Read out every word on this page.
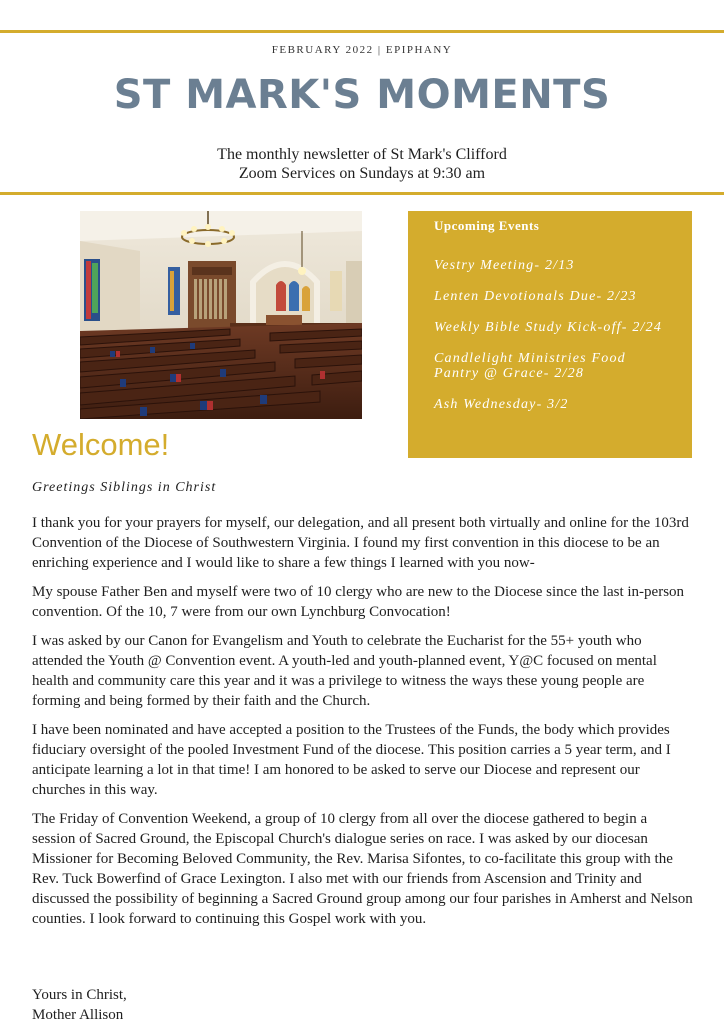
FEBRUARY 2022 | EPIPHANY
ST MARK'S MOMENTS
The monthly newsletter of St Mark's Clifford
Zoom Services on Sundays at 9:30 am
Upcoming Events
Vestry Meeting- 2/13
Lenten Devotionals Due- 2/23
Weekly Bible Study Kick-off- 2/24
Candlelight Ministries Food Pantry @ Grace- 2/28
Ash Wednesday- 3/2
Welcome!
Greetings Siblings in Christ

I thank you for your prayers for myself, our delegation, and all present both virtually and online for the 103rd Convention of the Diocese of Southwestern Virginia. I found my first convention in this diocese to be an enriching experience and I would like to share a few things I learned with you now-

My spouse Father Ben and myself were two of 10 clergy who are new to the Diocese since the last in-person convention. Of the 10, 7 were from our own Lynchburg Convocation!

I was asked by our Canon for Evangelism and Youth to celebrate the Eucharist for the 55+ youth who attended the Youth @ Convention event. A youth-led and youth-planned event, Y@C focused on mental health and community care this year and it was a privilege to witness the ways these young people are forming and being formed by their faith and the Church.

I have been nominated and have accepted a position to the Trustees of the Funds, the body which provides fiduciary oversight of the pooled Investment Fund of the diocese. This position carries a 5 year term, and I anticipate learning a lot in that time! I am honored to be asked to serve our Diocese and represent our churches in this way.

The Friday of Convention Weekend, a group of 10 clergy from all over the diocese gathered to begin a session of Sacred Ground, the Episcopal Church's dialogue series on race. I was asked by our diocesan Missioner for Becoming Beloved Community, the Rev. Marisa Sifontes, to co-facilitate this group with the Rev. Tuck Bowerfind of Grace Lexington. I also met with our friends from Ascension and Trinity and discussed the possibility of beginning a Sacred Ground group among our four parishes in Amherst and Nelson counties. I look forward to continuing this Gospel work with you.

Yours in Christ,
Mother Allison
